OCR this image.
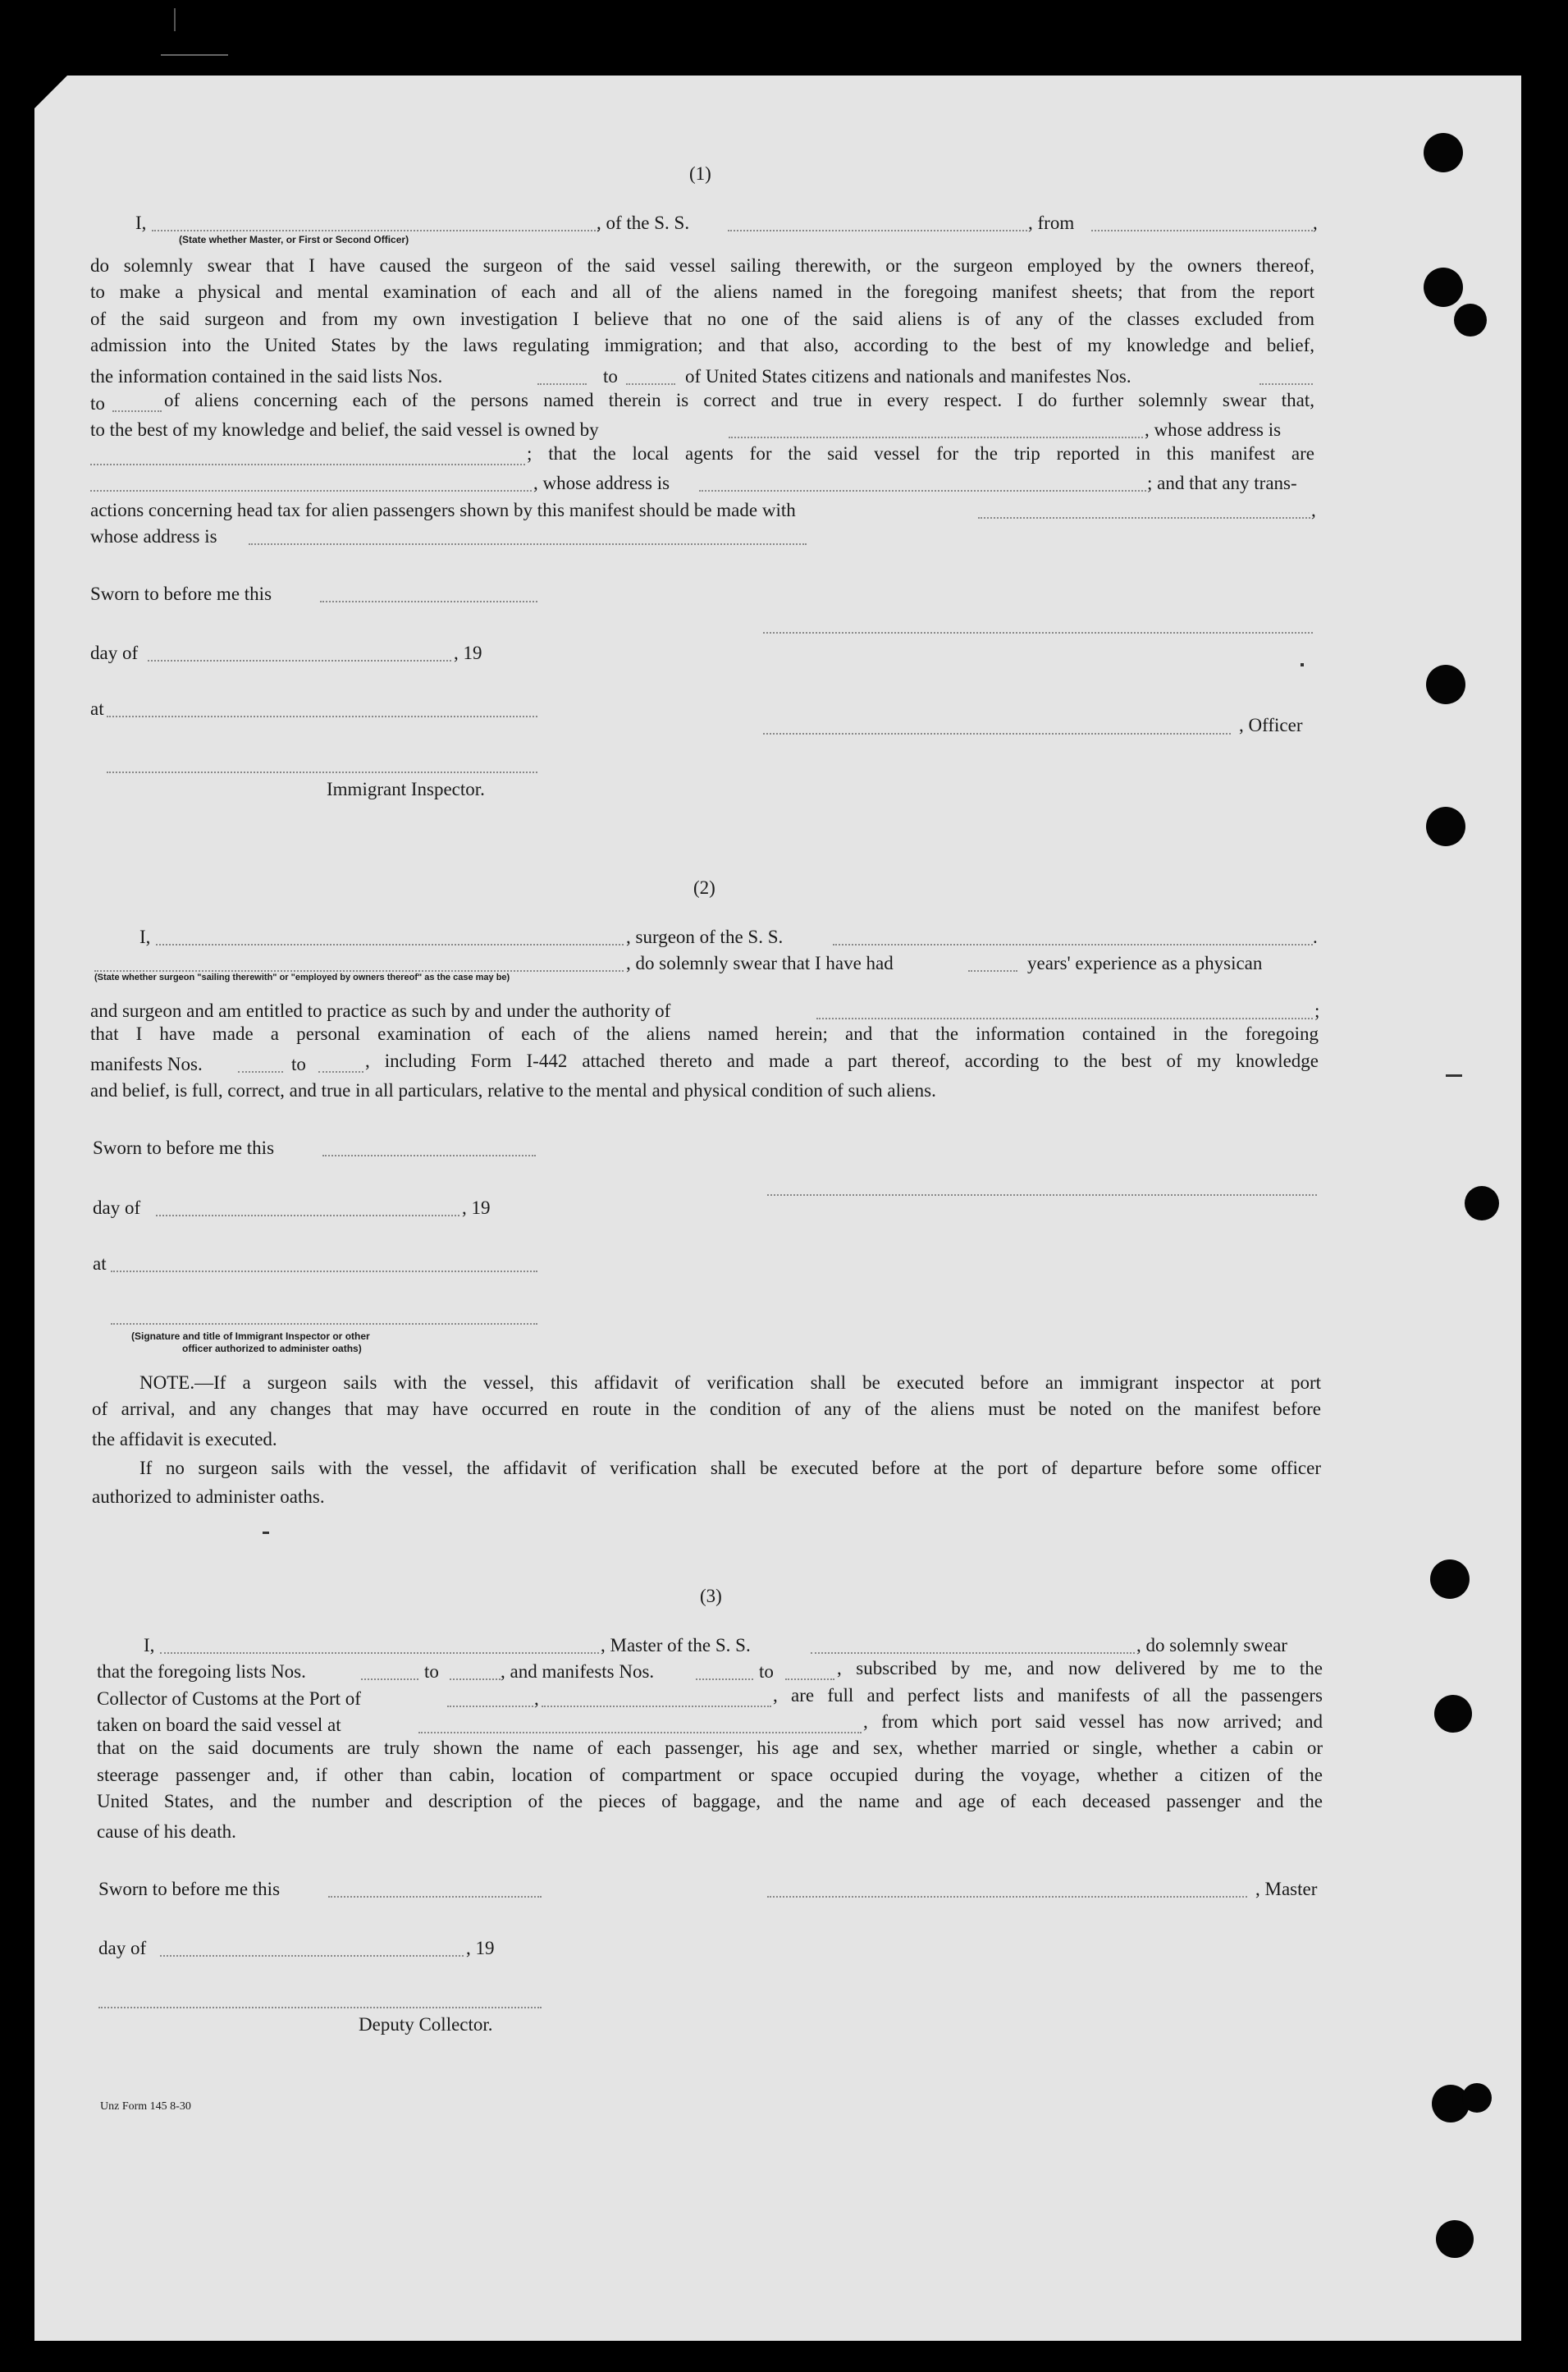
(1)
I,	, of the S. S.	, from	,
(State whether Master, or First or Second Officer)
do solemnly swear that I have caused the surgeon of the said vessel sailing therewith, or the surgeon employed by the owners thereof,
to make a physical and mental examination of each and all of the aliens named in the foregoing manifest sheets; that from the report
of the said surgeon and from my own investigation I believe that no one of the said aliens is of any of the classes excluded from
admission into the United States by the laws regulating immigration; and that also, according to the best of my knowledge and belief,
the information contained in the said lists Nos.	to	of United States citizens and nationals and manifestes Nos.
to	of aliens concerning each of the persons named therein is correct and true in every respect. I do further solemnly swear that,
to the best of my knowledge and belief, the said vessel is owned by	, whose address is
; that the local agents for the said vessel for the trip reported in this manifest are
, whose address is	; and that any trans-
actions concerning head tax for alien passengers shown by this manifest should be made with	,
whose address is
Sworn to before me this
day of	, 19
at
, Officer
Immigrant Inspector.
(2)
I,	, surgeon of the S. S.	.
, do solemnly swear that I have had	years' experience as a physican
(State whether surgeon "sailing therewith" or "employed by owners thereof" as the case may be)
and surgeon and am entitled to practice as such by and under the authority of	;
that I have made a personal examination of each of the aliens named herein; and that the information contained in the foregoing
manifests Nos.	to	, including Form I-442 attached thereto and made a part thereof, according to the best of my knowledge
and belief, is full, correct, and true in all particulars, relative to the mental and physical condition of such aliens.
Sworn to before me this
day of	, 19
at
(Signature and title of Immigrant Inspector or other
officer authorized to administer oaths)
NOTE.—If a surgeon sails with the vessel, this affidavit of verification shall be executed before an immigrant inspector at port
of arrival, and any changes that may have occurred en route in the condition of any of the aliens must be noted on the manifest before
the affidavit is executed.
If no surgeon sails with the vessel, the affidavit of verification shall be executed before at the port of departure before some officer
authorized to administer oaths.
(3)
I,	, Master of the S. S.	, do solemnly swear
that the foregoing lists Nos.	to	, and manifests Nos.	to	, subscribed by me, and now delivered by me to the
Collector of Customs at the Port of	,	, are full and perfect lists and manifests of all the passengers
taken on board the said vessel at	, from which port said vessel has now arrived; and
that on the said documents are truly shown the name of each passenger, his age and sex, whether married or single, whether a cabin or
steerage passenger and, if other than cabin, location of compartment or space occupied during the voyage, whether a citizen of the
United States, and the number and description of the pieces of baggage, and the name and age of each deceased passenger and the
cause of his death.
Sworn to before me this	, Master
day of	, 19
Deputy Collector.
Unz Form 145 8-30
